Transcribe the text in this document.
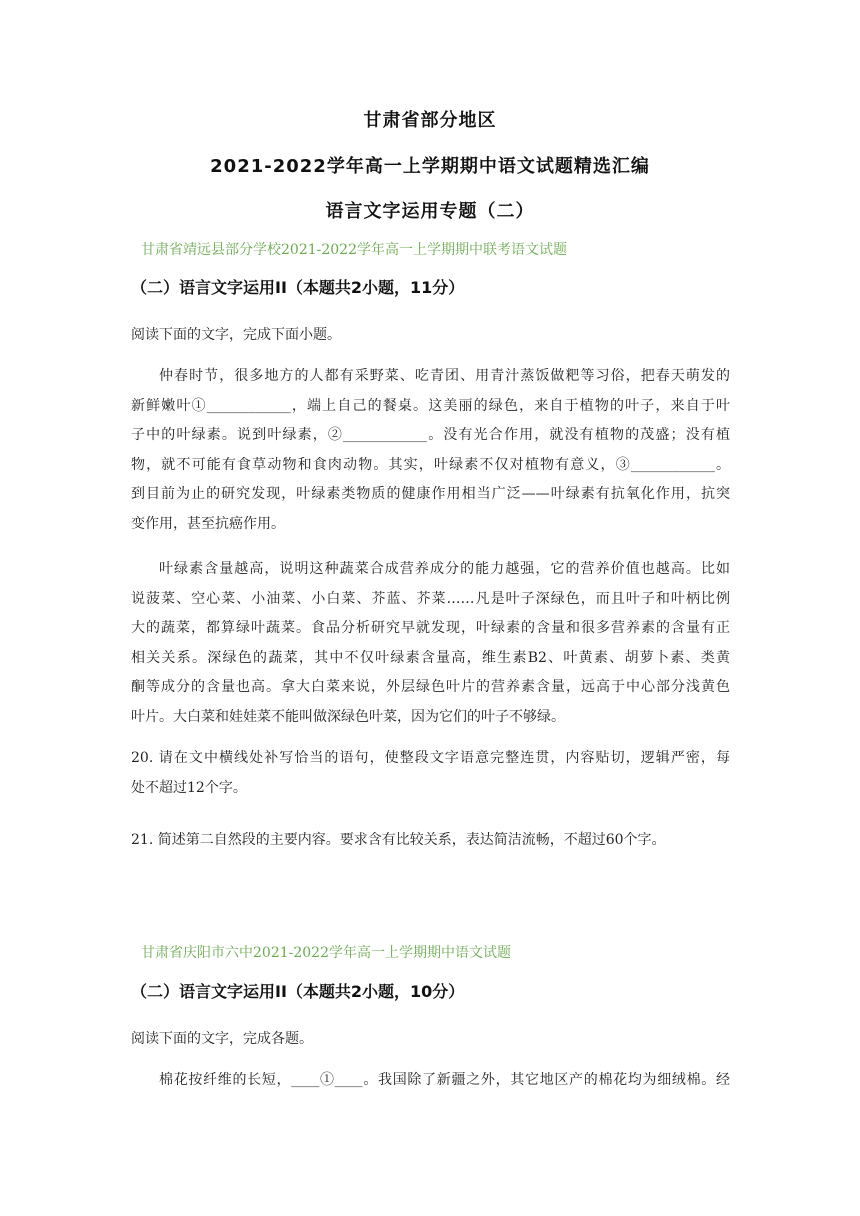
甘肃省部分地区
2021-2022学年高一上学期期中语文试题精选汇编
语言文字运用专题（二）
甘肃省靖远县部分学校2021-2022学年高一上学期期中联考语文试题
（二）语言文字运用II（本题共2小题，11分）
阅读下面的文字，完成下面小题。
仲春时节，很多地方的人都有采野菜、吃青团、用青汁蒸饭做粑等习俗，把春天萌发的
新鲜嫩叶①____________，端上自己的餐桌。这美丽的绿色，来自于植物的叶子，来自于叶
子中的叶绿素。说到叶绿素，②____________。没有光合作用，就没有植物的茂盛；没有植
物，就不可能有食草动物和食肉动物。其实，叶绿素不仅对植物有意义，③____________。
到目前为止的研究发现，叶绿素类物质的健康作用相当广泛——叶绿素有抗氧化作用，抗突
变作用，甚至抗癌作用。
叶绿素含量越高，说明这种蔬菜合成营养成分的能力越强，它的营养价值也越高。比如
说菠菜、空心菜、小油菜、小白菜、芥蓝、芥菜……凡是叶子深绿色，而且叶子和叶柄比例
大的蔬菜，都算绿叶蔬菜。食品分析研究早就发现，叶绿素的含量和很多营养素的含量有正
相关关系。深绿色的蔬菜，其中不仅叶绿素含量高，维生素B2、叶黄素、胡萝卜素、类黄
酮等成分的含量也高。拿大白菜来说，外层绿色叶片的营养素含量，远高于中心部分浅黄色
叶片。大白菜和娃娃菜不能叫做深绿色叶菜，因为它们的叶子不够绿。
20. 请在文中横线处补写恰当的语句，使整段文字语意完整连贯，内容贴切，逻辑严密，每
处不超过12个字。
21. 简述第二自然段的主要内容。要求含有比较关系，表达简洁流畅，不超过60个字。
甘肃省庆阳市六中2021-2022学年高一上学期期中语文试题
（二）语言文字运用II（本题共2小题，10分）
阅读下面的文字，完成各题。
棉花按纤维的长短，____①____。我国除了新疆之外，其它地区产的棉花均为细绒棉。经
